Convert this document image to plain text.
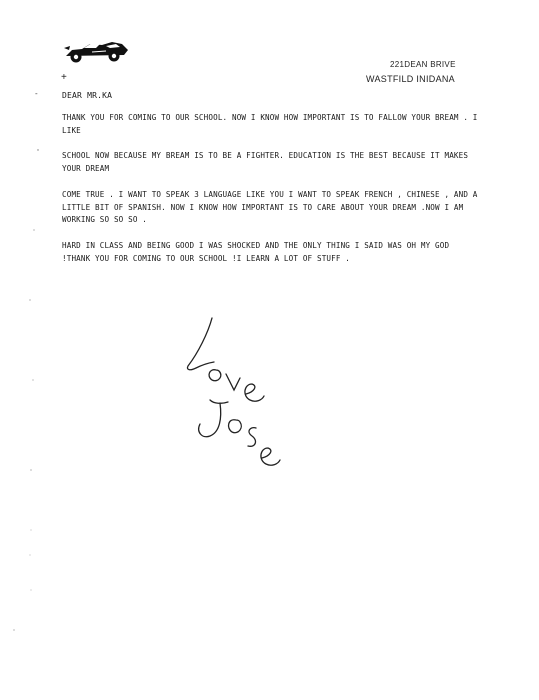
-
221DEAN BRIVE
WASTFILD INIDANA
+
DEAR MR.KA
THANK YOU FOR COMING TO OUR SCHOOL. NOW I KNOW HOW IMPORTANT IS TO FALLOW YOUR BREAM . I LIKE
SCHOOL NOW BECAUSE MY BREAM IS TO BE A FIGHTER. EDUCATION IS THE BEST BECAUSE IT MAKES YOUR DREAM
COME TRUE . I WANT TO SPEAK 3 LANGUAGE LIKE YOU I WANT TO SPEAK FRENCH , CHINESE , AND A LITTLE BIT OF SPANISH. NOW I KNOW HOW IMPORTANT IS TO CARE ABOUT YOUR DREAM .NOW I AM WORKING SO SO SO .
HARD IN CLASS AND BEING GOOD I WAS SHOCKED AND THE ONLY THING I SAID WAS OH MY GOD !THANK YOU FOR COMING TO OUR SCHOOL !I LEARN A LOT OF STUFF .
